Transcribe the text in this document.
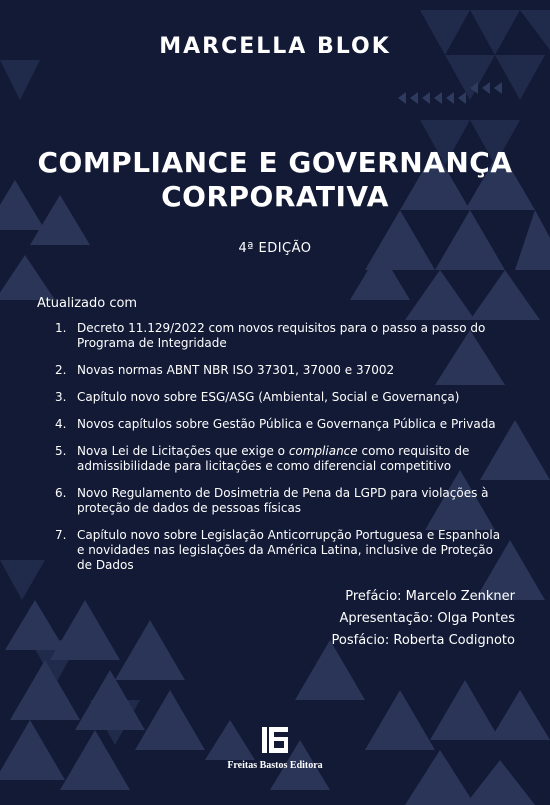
MARCELLA BLOK
COMPLIANCE E GOVERNANÇA
CORPORATIVA
4ª EDIÇÃO
Atualizado com
1. Decreto 11.129/2022 com novos requisitos para o passo a passo do Programa de Integridade
2. Novas normas ABNT NBR ISO 37301, 37000 e 37002
3. Capítulo novo sobre ESG/ASG (Ambiental, Social e Governança)
4. Novos capítulos sobre Gestão Pública e Governança Pública e Privada
5. Nova Lei de Licitações que exige o compliance como requisito de admissibilidade para licitações e como diferencial competitivo
6. Novo Regulamento de Dosimetria de Pena da LGPD para violações à proteção de dados de pessoas físicas
7. Capítulo novo sobre Legislação Anticorrupção Portuguesa e Espanhola e novidades nas legislações da América Latina, inclusive de Proteção de Dados
Prefácio: Marcelo Zenkner
Apresentação: Olga Pontes
Posfácio: Roberta Codignoto
Freitas Bastos Editora
